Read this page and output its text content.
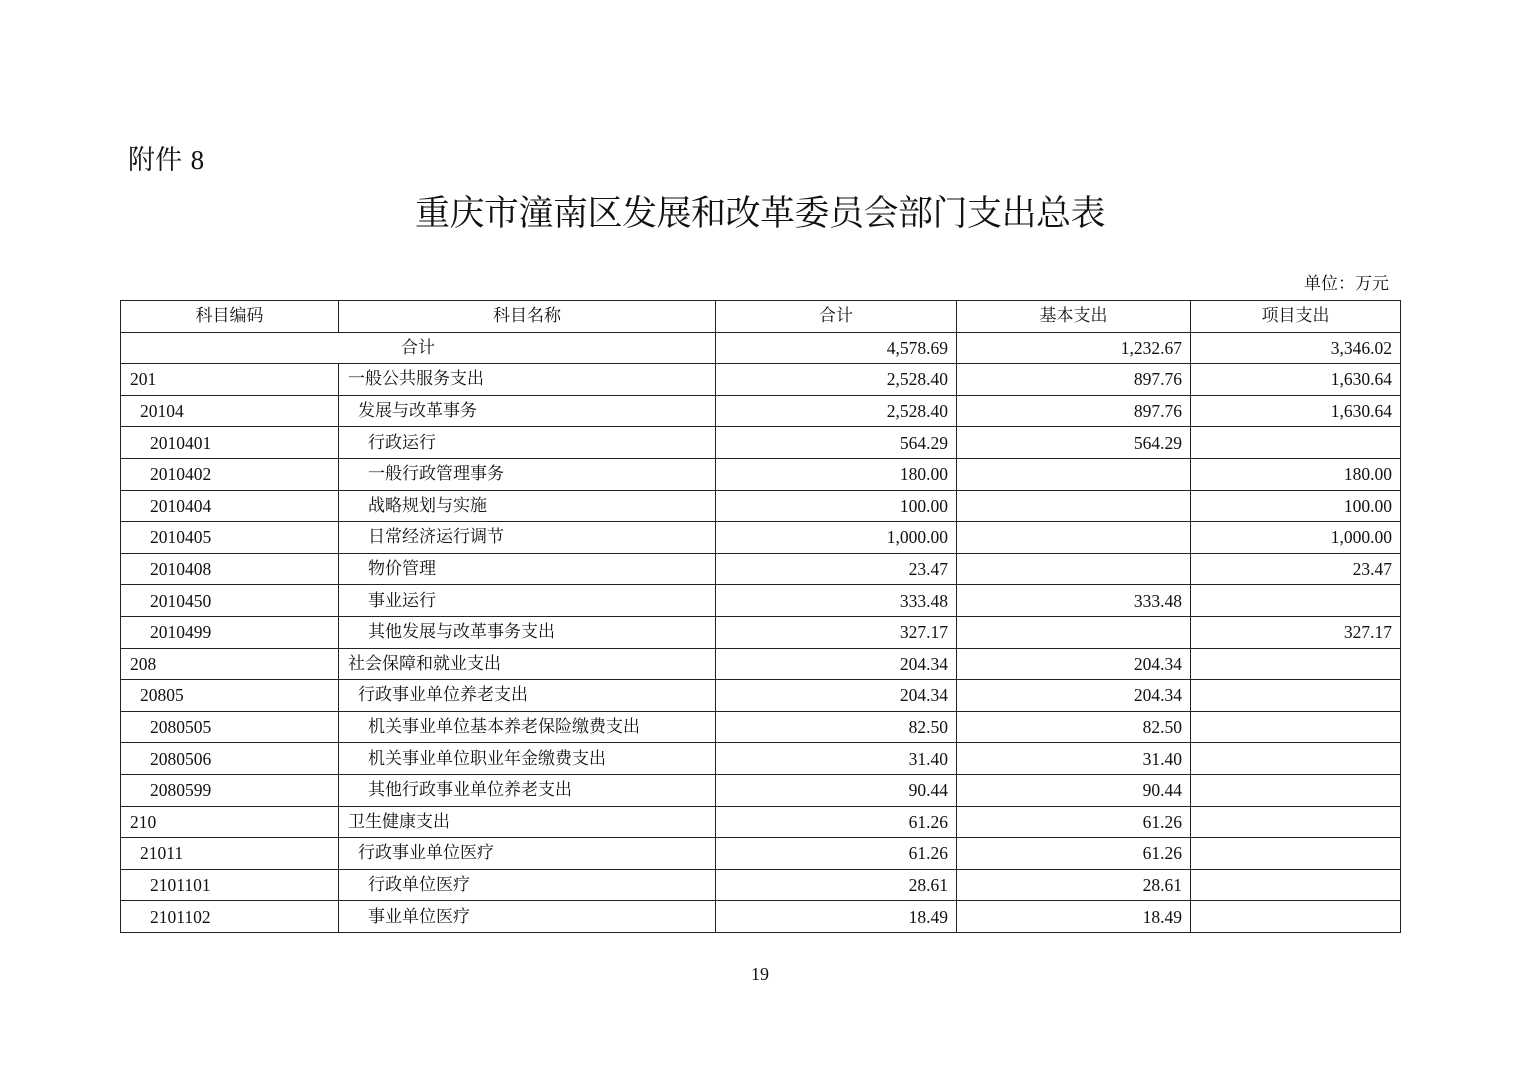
附件 8
重庆市潼南区发展和改革委员会部门支出总表
单位：万元
科目编码	科目名称	合计	基本支出	项目支出
合计		4,578.69	1,232.67	3,346.02
201	一般公共服务支出	2,528.40	897.76	1,630.64
20104	发展与改革事务	2,528.40	897.76	1,630.64
2010401	行政运行	564.29	564.29	
2010402	一般行政管理事务	180.00		180.00
2010404	战略规划与实施	100.00		100.00
2010405	日常经济运行调节	1,000.00		1,000.00
2010408	物价管理	23.47		23.47
2010450	事业运行	333.48	333.48	
2010499	其他发展与改革事务支出	327.17		327.17
208	社会保障和就业支出	204.34	204.34	
20805	行政事业单位养老支出	204.34	204.34	
2080505	机关事业单位基本养老保险缴费支出	82.50	82.50	
2080506	机关事业单位职业年金缴费支出	31.40	31.40	
2080599	其他行政事业单位养老支出	90.44	90.44	
210	卫生健康支出	61.26	61.26	
21011	行政事业单位医疗	61.26	61.26	
2101101	行政单位医疗	28.61	28.61	
2101102	事业单位医疗	18.49	18.49	
19
